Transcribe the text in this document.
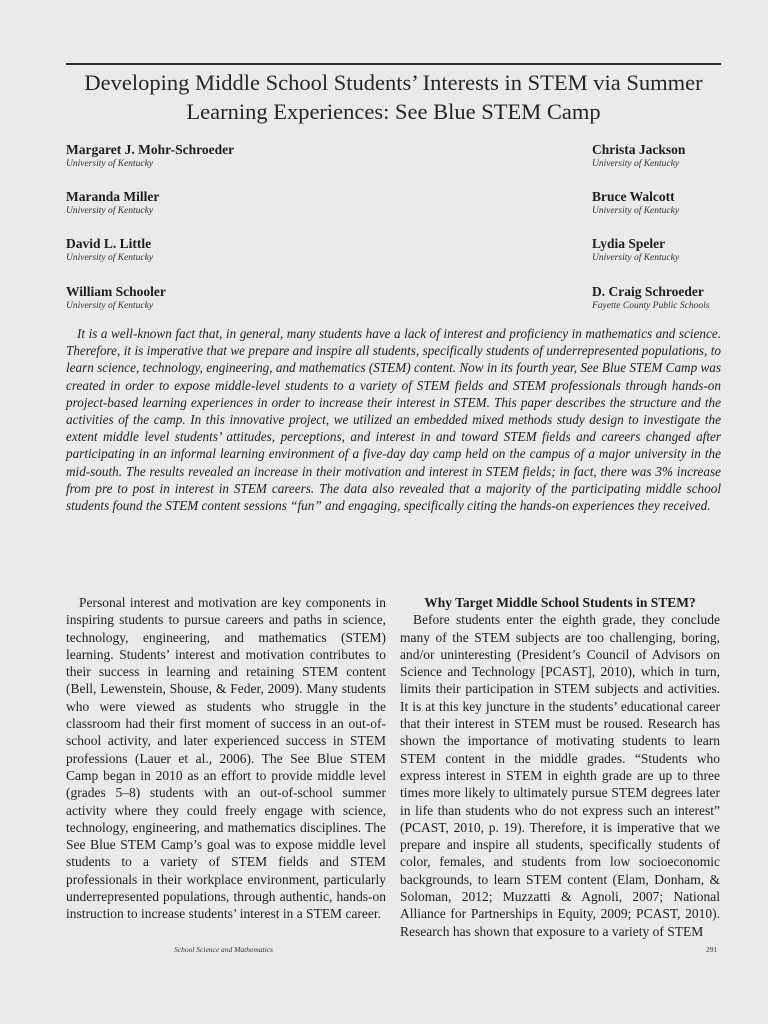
Developing Middle School Students’ Interests in STEM via Summer
Learning Experiences: See Blue STEM Camp
Margaret J. Mohr-Schroeder
University of Kentucky
Maranda Miller
University of Kentucky
David L. Little
University of Kentucky
William Schooler
University of Kentucky
Christa Jackson
University of Kentucky
Bruce Walcott
University of Kentucky
Lydia Speler
University of Kentucky
D. Craig Schroeder
Fayette County Public Schools

It is a well-known fact that, in general, many students have a lack of interest and proficiency in mathematics and science. Therefore, it is imperative that we prepare and inspire all students, specifically students of underrepresented populations, to learn science, technology, engineering, and mathematics (STEM) content. Now in its fourth year, See Blue STEM Camp was created in order to expose middle-level students to a variety of STEM fields and STEM professionals through hands-on project-based learning experiences in order to increase their interest in STEM. This paper describes the structure and the activities of the camp. In this innovative project, we utilized an embedded mixed methods study design to investigate the extent middle level students’ attitudes, perceptions, and interest in and toward STEM fields and careers changed after participating in an informal learning environment of a five-day day camp held on the campus of a major university in the mid-south. The results revealed an increase in their motivation and interest in STEM fields; in fact, there was 3% increase from pre to post in interest in STEM careers. The data also revealed that a majority of the participating middle school students found the STEM content sessions “fun” and engaging, specifically citing the hands-on experiences they received.

Personal interest and motivation are key components in inspiring students to pursue careers and paths in science, technology, engineering, and mathematics (STEM) learning. Students’ interest and motivation contributes to their success in learning and retaining STEM content (Bell, Lewenstein, Shouse, & Feder, 2009). Many students who were viewed as students who struggle in the classroom had their first moment of success in an out-of-school activity, and later experienced success in STEM professions (Lauer et al., 2006). The See Blue STEM Camp began in 2010 as an effort to provide middle level (grades 5–8) students with an out-of-school summer activity where they could freely engage with science, technology, engineering, and mathematics disciplines. The See Blue STEM Camp’s goal was to expose middle level students to a variety of STEM fields and STEM professionals in their workplace environment, particularly underrepresented populations, through authentic, hands-on instruction to increase students’ interest in a STEM career.

Why Target Middle School Students in STEM?

Before students enter the eighth grade, they conclude many of the STEM subjects are too challenging, boring, and/or uninteresting (President’s Council of Advisors on Science and Technology [PCAST], 2010), which in turn, limits their participation in STEM subjects and activities. It is at this key juncture in the students’ educational career that their interest in STEM must be roused. Research has shown the importance of motivating students to learn STEM content in the middle grades. “Students who express interest in STEM in eighth grade are up to three times more likely to ultimately pursue STEM degrees later in life than students who do not express such an interest” (PCAST, 2010, p. 19). Therefore, it is imperative that we prepare and inspire all students, specifically students of color, females, and students from low socioeconomic backgrounds, to learn STEM content (Elam, Donham, & Soloman, 2012; Muzzatti & Agnoli, 2007; National Alliance for Partnerships in Equity, 2009; PCAST, 2010). Research has shown that exposure to a variety of STEM

School Science and Mathematics	291
